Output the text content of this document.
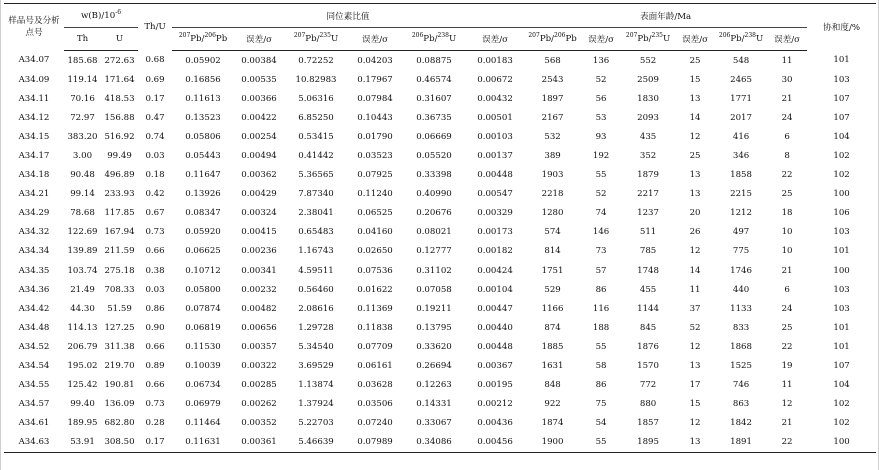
样品号及分析点号	$w(B)/10^{-6}$		Th/U	同位素比值						表面年龄/Ma						协和度/%
	Th	U		$^{207}$Pb/$^{206}$Pb	误差/σ	$^{207}$Pb/$^{235}$U	误差/σ	$^{206}$Pb/$^{238}$U	误差/σ	$^{207}$Pb/$^{206}$Pb	误差/σ	$^{207}$Pb/$^{235}$U	误差/σ	$^{206}$Pb/$^{238}$U	误差/σ	
A34.07	185.68	272.63	0.68	0.05902	0.00384	0.72252	0.04203	0.08875	0.00183	568	136	552	25	548	11	101
A34.09	119.14	171.64	0.69	0.16856	0.00535	10.82983	0.17967	0.46574	0.00672	2543	52	2509	15	2465	30	103
A34.11	70.16	418.53	0.17	0.11613	0.00366	5.06316	0.07984	0.31607	0.00432	1897	56	1830	13	1771	21	107
A34.12	72.97	156.88	0.47	0.13523	0.00422	6.85250	0.10443	0.36735	0.00501	2167	53	2093	14	2017	24	107
A34.15	383.20	516.92	0.74	0.05806	0.00254	0.53415	0.01790	0.06669	0.00103	532	93	435	12	416	6	104
A34.17	3.00	99.49	0.03	0.05443	0.00494	0.41442	0.03523	0.05520	0.00137	389	192	352	25	346	8	102
A34.18	90.48	496.89	0.18	0.11647	0.00362	5.36565	0.07925	0.33398	0.00448	1903	55	1879	13	1858	22	102
A34.21	99.14	233.93	0.42	0.13926	0.00429	7.87340	0.11240	0.40990	0.00547	2218	52	2217	13	2215	25	100
A34.29	78.68	117.85	0.67	0.08347	0.00324	2.38041	0.06525	0.20676	0.00329	1280	74	1237	20	1212	18	106
A34.32	122.69	167.94	0.73	0.05920	0.00415	0.65483	0.04160	0.08021	0.00173	574	146	511	26	497	10	103
A34.34	139.89	211.59	0.66	0.06625	0.00236	1.16743	0.02650	0.12777	0.00182	814	73	785	12	775	10	101
A34.35	103.74	275.18	0.38	0.10712	0.00341	4.59511	0.07536	0.31102	0.00424	1751	57	1748	14	1746	21	100
A34.36	21.49	708.33	0.03	0.05800	0.00232	0.56460	0.01622	0.07058	0.00104	529	86	455	11	440	6	103
A34.42	44.30	51.59	0.86	0.07874	0.00482	2.08616	0.11369	0.19211	0.00447	1166	116	1144	37	1133	24	103
A34.48	114.13	127.25	0.90	0.06819	0.00656	1.29728	0.11838	0.13795	0.00440	874	188	845	52	833	25	101
A34.52	206.79	311.38	0.66	0.11530	0.00357	5.34540	0.07709	0.33620	0.00448	1885	55	1876	12	1868	22	101
A34.54	195.02	219.70	0.89	0.10039	0.00322	3.69529	0.06161	0.26694	0.00367	1631	58	1570	13	1525	19	107
A34.55	125.42	190.81	0.66	0.06734	0.00285	1.13874	0.03628	0.12263	0.00195	848	86	772	17	746	11	104
A34.57	99.40	136.09	0.73	0.06979	0.00262	1.37924	0.03506	0.14331	0.00212	922	75	880	15	863	12	102
A34.61	189.95	682.80	0.28	0.11464	0.00352	5.22703	0.07240	0.33067	0.00436	1874	54	1857	12	1842	21	102
A34.63	53.91	308.50	0.17	0.11631	0.00361	5.46639	0.07989	0.34086	0.00456	1900	55	1895	13	1891	22	100
